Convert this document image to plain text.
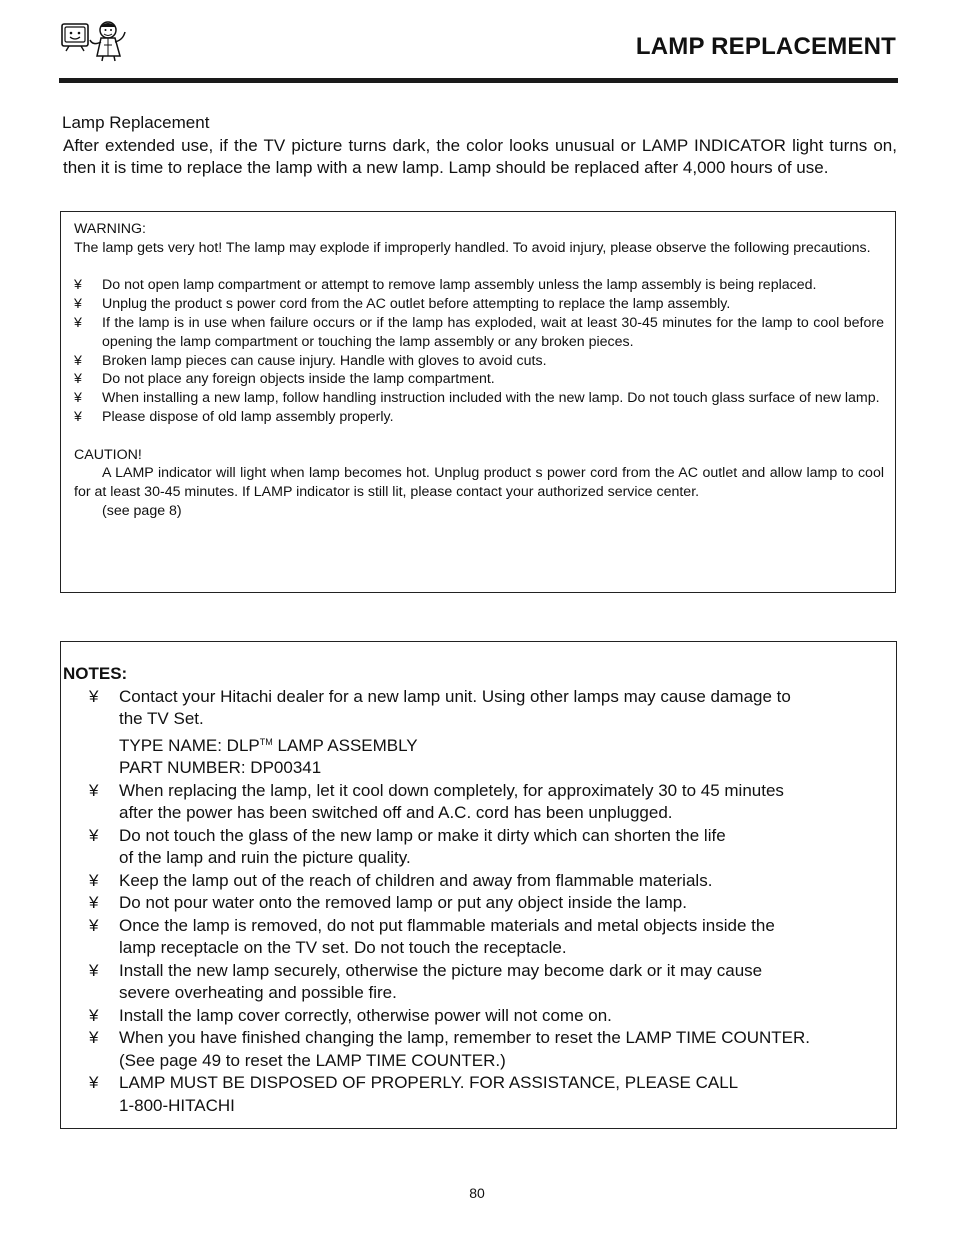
LAMP REPLACEMENT

Lamp Replacement

After extended use, if the TV picture turns dark, the color looks unusual or LAMP INDICATOR light turns on, then it is time to replace the lamp with a new lamp. Lamp should be replaced after 4,000 hours of use.

WARNING:

The lamp gets very hot! The lamp may explode if improperly handled. To avoid injury, please observe the following precautions.

¥ Do not open lamp compartment or attempt to remove lamp assembly unless the lamp assembly is being replaced.

¥ Unplug the product s power cord from the AC outlet before attempting to replace the lamp assembly.

¥ If the lamp is in use when failure occurs or if the lamp has exploded, wait at least 30-45 minutes for the lamp to cool before opening the lamp compartment or touching the lamp assembly or any broken pieces.

¥ Broken lamp pieces can cause injury. Handle with gloves to avoid cuts.

¥ Do not place any foreign objects inside the lamp compartment.

¥ When installing a new lamp, follow handling instruction included with the new lamp. Do not touch glass surface of new lamp.

¥ Please dispose of old lamp assembly properly.

CAUTION!

A LAMP indicator will light when lamp becomes hot. Unplug product s power cord from the AC outlet and allow lamp to cool for at least 30-45 minutes. If LAMP indicator is still lit, please contact your authorized service center.

(see page 8)

NOTES:

¥ Contact your Hitachi dealer for a new lamp unit. Using other lamps may cause damage to

the TV Set.

TYPE NAME: DLP™ LAMP ASSEMBLY

PART NUMBER: DP00341

¥ When replacing the lamp, let it cool down completely, for approximately 30 to 45 minutes

after the power has been switched off and A.C. cord has been unplugged.

¥ Do not touch the glass of the new lamp or make it dirty which can shorten the life

of the lamp and ruin the picture quality.

¥ Keep the lamp out of the reach of children and away from flammable materials.

¥ Do not pour water onto the removed lamp or put any object inside the lamp.

¥ Once the lamp is removed, do not put flammable materials and metal objects inside the

lamp receptacle on the TV set. Do not touch the receptacle.

¥ Install the new lamp securely, otherwise the picture may become dark or it may cause

severe overheating and possible fire.

¥ Install the lamp cover correctly, otherwise power will not come on.

¥ When you have finished changing the lamp, remember to reset the LAMP TIME COUNTER.

(See page 49 to reset the LAMP TIME COUNTER.)

¥ LAMP MUST BE DISPOSED OF PROPERLY. FOR ASSISTANCE, PLEASE CALL

1-800-HITACHI

80
